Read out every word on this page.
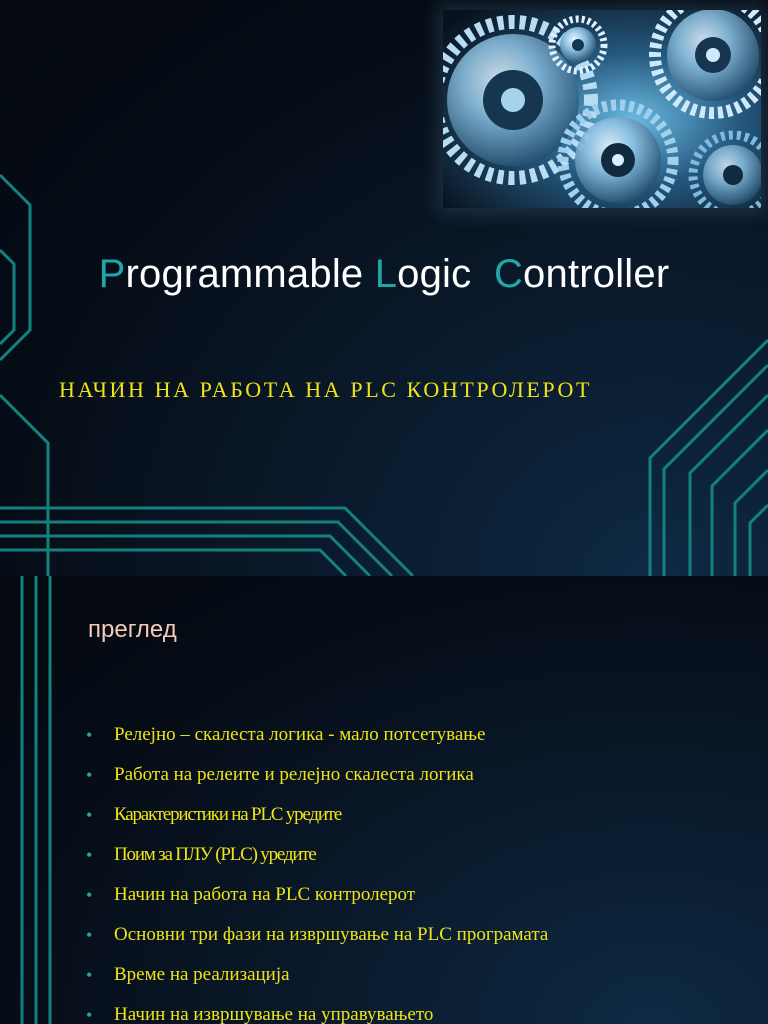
Programmable Logic  Controller
НАЧИН НА РАБОТА НА PLC КОНТРОЛЕРОТ
преглед
• Релејно – скалеста логика - мало потсетување
• Работа на релеите и релејно скалеста логика
• Карактеристики на PLC уредите
• Поим за ПЛУ (PLC) уредите
• Начин на работа на PLC контролерот
• Основни три фази на извршување на PLC програмата
• Време на реализација
• Начин на извршување на управувањето
